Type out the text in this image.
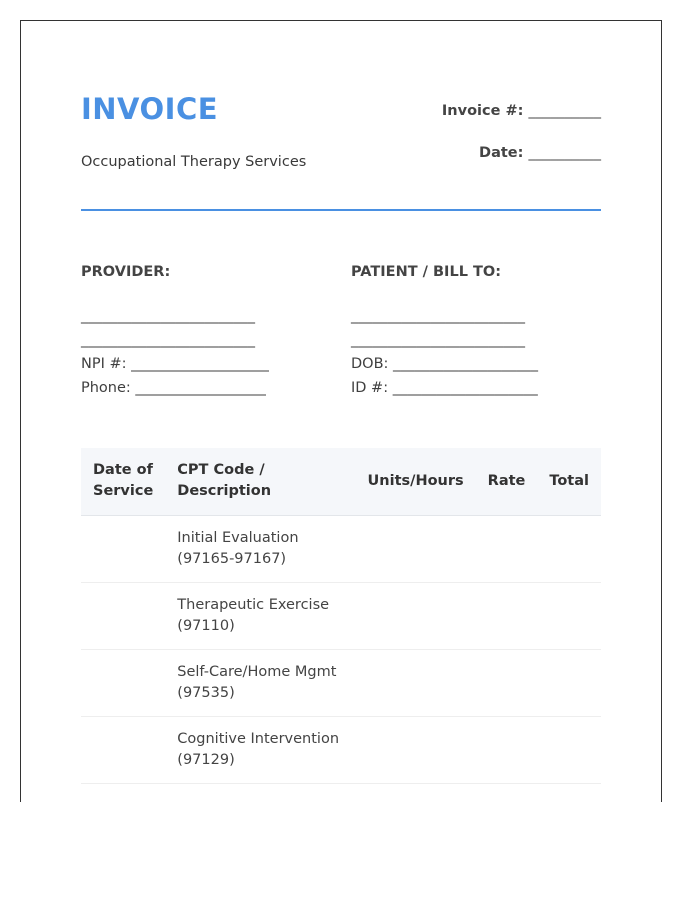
INVOICE
Occupational Therapy Services
Invoice #: __________
Date: __________
PROVIDER:
________________________
________________________
NPI #: ___________________
Phone: __________________
PATIENT / BILL TO:
________________________
________________________
DOB: ____________________
ID #: ____________________
Date of Service	CPT Code / Description	Units/Hours	Rate	Total
	Initial Evaluation (97165-97167)			
	Therapeutic Exercise (97110)			
	Self-Care/Home Mgmt (97535)			
	Cognitive Intervention (97129)			
